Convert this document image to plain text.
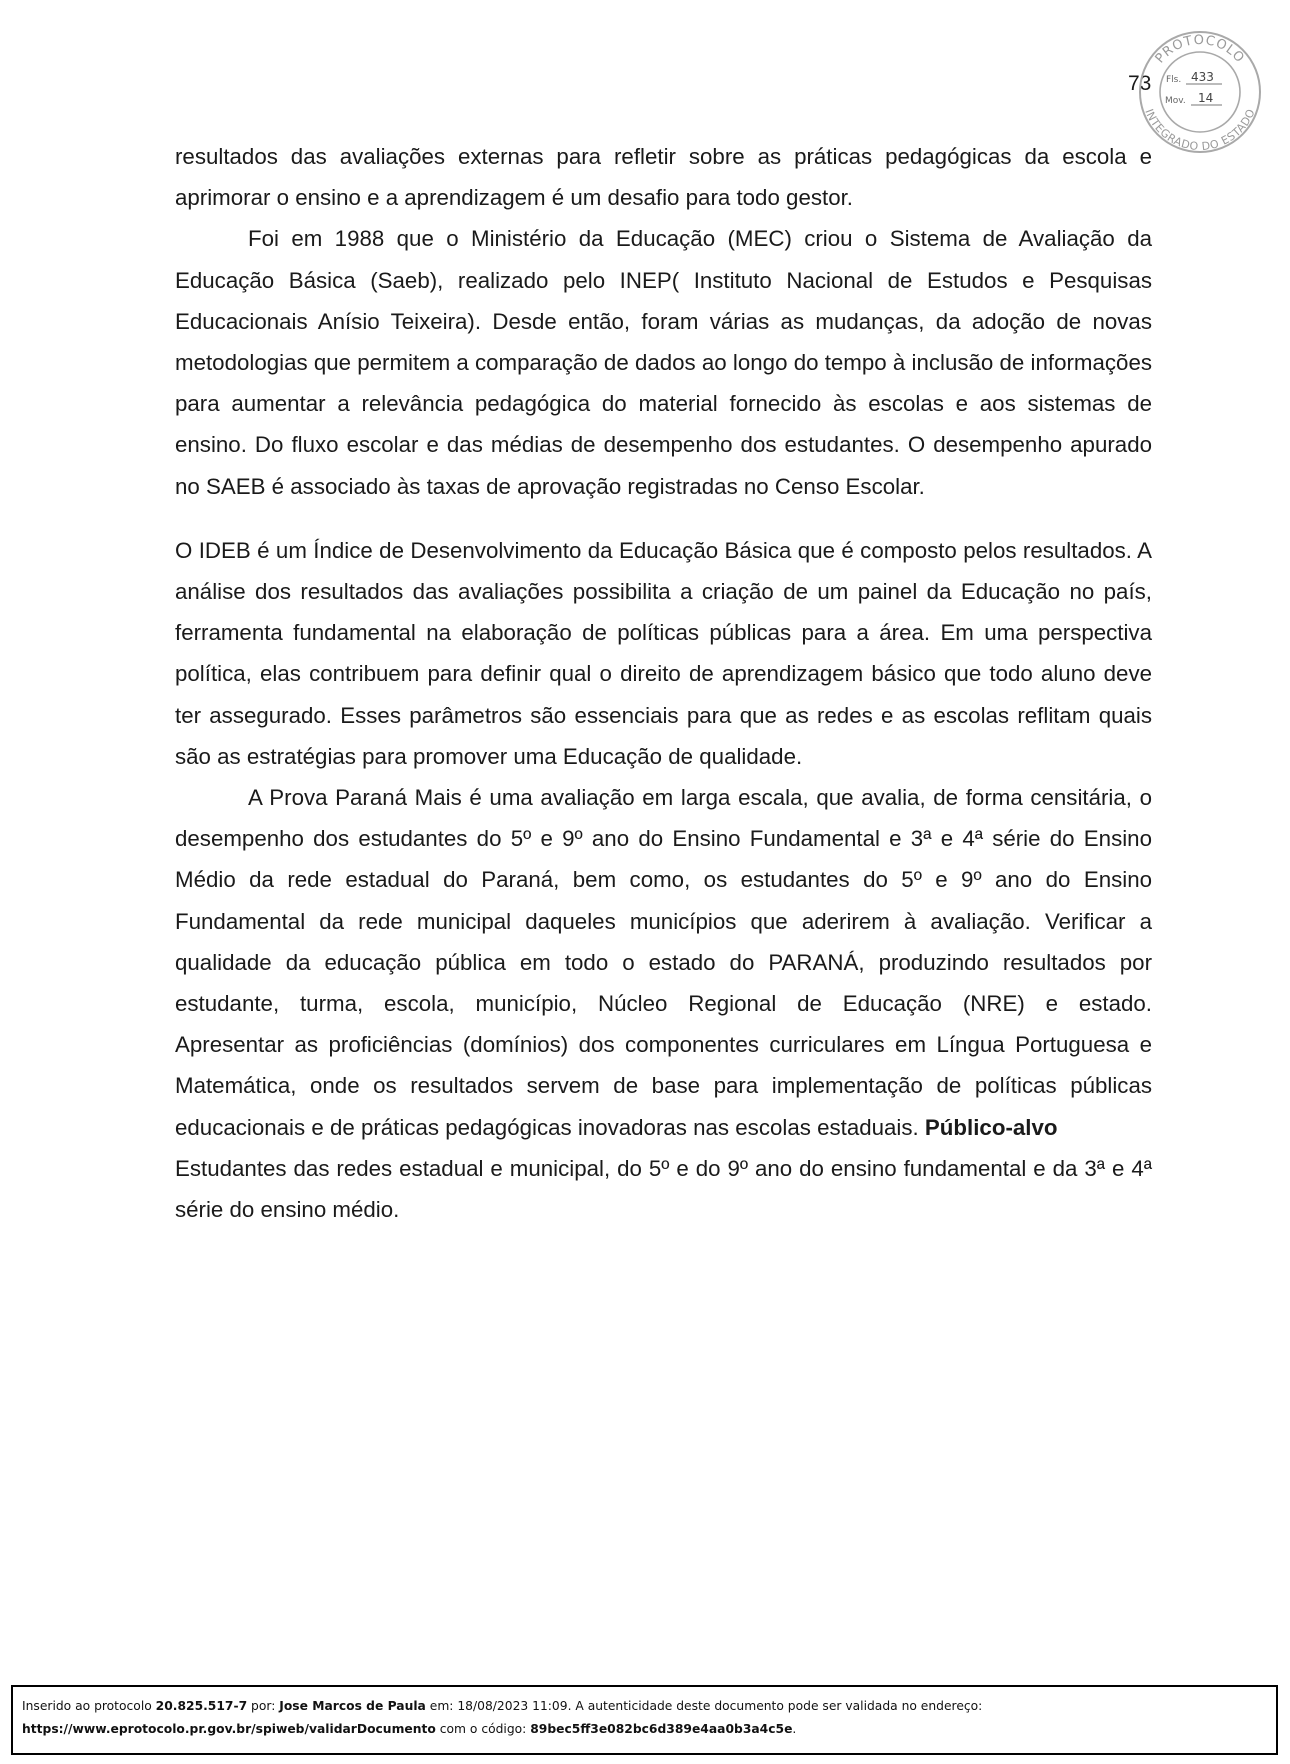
73
PROTOCOLO
INTEGRADO DO ESTADO
Fls. 433
Mov. 14

resultados das avaliações externas para refletir sobre as práticas pedagógicas da escola e aprimorar o ensino e a aprendizagem é um desafio para todo gestor.

Foi em 1988 que o Ministério da Educação (MEC) criou o Sistema de Avaliação da Educação Básica (Saeb), realizado pelo INEP( Instituto Nacional de Estudos e Pesquisas Educacionais Anísio Teixeira). Desde então, foram várias as mudanças, da adoção de novas metodologias que permitem a comparação de dados ao longo do tempo à inclusão de informações para aumentar a relevância pedagógica do material fornecido às escolas e aos sistemas de ensino. Do fluxo escolar e das médias de desempenho dos estudantes. O desempenho apurado no SAEB é associado às taxas de aprovação registradas no Censo Escolar.

O IDEB é um Índice de Desenvolvimento da Educação Básica que é composto pelos resultados. A análise dos resultados das avaliações possibilita a criação de um painel da Educação no país, ferramenta fundamental na elaboração de políticas públicas para a área. Em uma perspectiva política, elas contribuem para definir qual o direito de aprendizagem básico que todo aluno deve ter assegurado. Esses parâmetros são essenciais para que as redes e as escolas reflitam quais são as estratégias para promover uma Educação de qualidade.

A Prova Paraná Mais é uma avaliação em larga escala, que avalia, de forma censitária, o desempenho dos estudantes do 5º e 9º ano do Ensino Fundamental e 3ª e 4ª série do Ensino Médio da rede estadual do Paraná, bem como, os estudantes do 5º e 9º ano do Ensino Fundamental da rede municipal daqueles municípios que aderirem à avaliação. Verificar a qualidade da educação pública em todo o estado do PARANÁ, produzindo resultados por estudante, turma, escola, município, Núcleo Regional de Educação (NRE) e estado.

Apresentar as proficiências (domínios) dos componentes curriculares em Língua Portuguesa e Matemática, onde os resultados servem de base para implementação de políticas públicas educacionais e de práticas pedagógicas inovadoras nas escolas estaduais. Público-alvo

Estudantes das redes estadual e municipal, do 5º e do 9º ano do ensino fundamental e da 3ª e 4ª série do ensino médio.

Inserido ao protocolo 20.825.517-7 por: Jose Marcos de Paula em: 18/08/2023 11:09. A autenticidade deste documento pode ser validada no endereço:
https://www.eprotocolo.pr.gov.br/spiweb/validarDocumento com o código: 89bec5ff3e082bc6d389e4aa0b3a4c5e.
